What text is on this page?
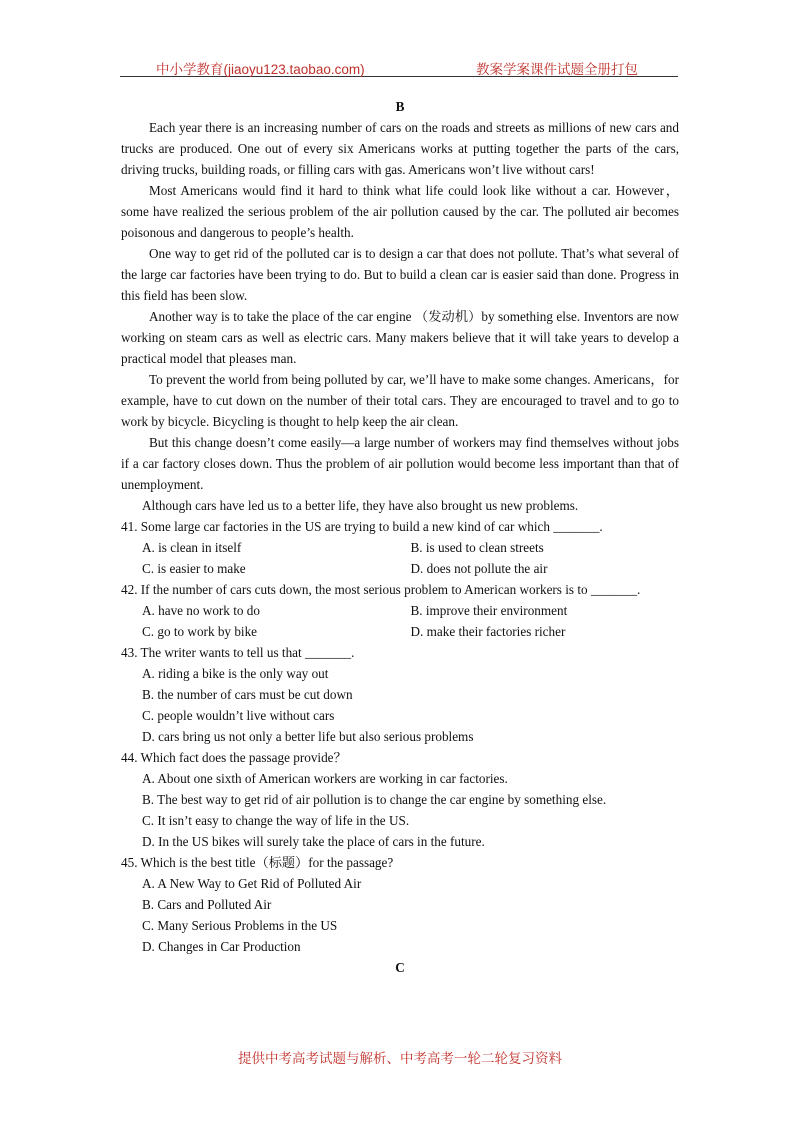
中小学教育(jiaoyu123.taobao.com)	教案学案课件试题全册打包
B

Each year there is an increasing number of cars on the roads and streets as millions of new cars and trucks are produced. One out of every six Americans works at putting together the parts of the cars, driving trucks, building roads, or filling cars with gas. Americans won’t live without cars!

Most Americans would find it hard to think what life could look like without a car. However， some have realized the serious problem of the air pollution caused by the car. The polluted air becomes poisonous and dangerous to people’s health.

One way to get rid of the polluted car is to design a car that does not pollute. That’s what several of the large car factories have been trying to do. But to build a clean car is easier said than done. Progress in this field has been slow.

Another way is to take the place of the car engine （发动机）by something else. Inventors are now working on steam cars as well as electric cars. Many makers believe that it will take years to develop a practical model that pleases man.

To prevent the world from being polluted by car, we’ll have to make some changes. Americans，for example, have to cut down on the number of their total cars. They are encouraged to travel and to go to work by bicycle. Bicycling is thought to help keep the air clean.

But this change doesn’t come easily—a large number of workers may find themselves without jobs if a car factory closes down. Thus the problem of air pollution would become less important than that of unemployment.

Although cars have led us to a better life, they have also brought us new problems.

41. Some large car factories in the US are trying to build a new kind of car which _______.

A. is clean in itself	B. is used to clean streets
C. is easier to make	D. does not pollute the air

42. If the number of cars cuts down, the most serious problem to American workers is to _______.

A. have no work to do	B. improve their environment
C. go to work by bike	D. make their factories richer

43. The writer wants to tell us that _______.

A. riding a bike is the only way out
B. the number of cars must be cut down
C. people wouldn’t live without cars
D. cars bring us not only a better life but also serious problems

44. Which fact does the passage provide？

A. About one sixth of American workers are working in car factories.
B. The best way to get rid of air pollution is to change the car engine by something else.
C. It isn’t easy to change the way of life in the US.
D. In the US bikes will surely take the place of cars in the future.

45. Which is the best title（标题）for the passage?

A. A New Way to Get Rid of Polluted Air
B. Cars and Polluted Air
C. Many Serious Problems in the US
D. Changes in Car Production
C
提供中考高考试题与解析、中考高考一轮二轮复习资料
